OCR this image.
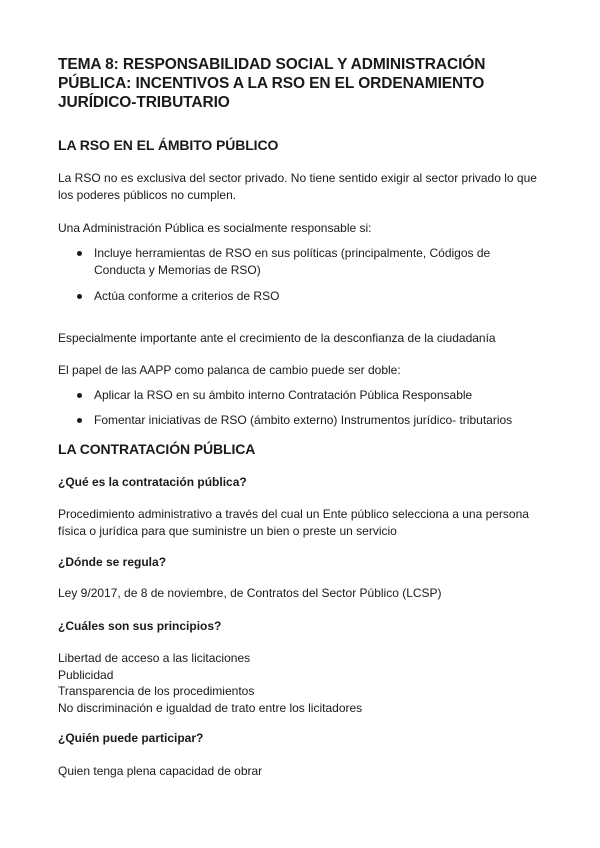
TEMA 8: RESPONSABILIDAD SOCIAL Y ADMINISTRACIÓN
PÚBLICA: INCENTIVOS A LA RSO EN EL ORDENAMIENTO
JURÍDICO-TRIBUTARIO
LA RSO EN EL ÁMBITO PÚBLICO

La RSO no es exclusiva del sector privado. No tiene sentido exigir al sector privado lo que
los poderes públicos no cumplen.

Una Administración Pública es socialmente responsable si:

Incluye herramientas de RSO en sus políticas (principalmente, Códigos de
Conducta y Memorias de RSO)

Actúa conforme a criterios de RSO

Especialmente importante ante el crecimiento de la desconfianza de la ciudadanía

El papel de las AAPP como palanca de cambio puede ser doble:

Aplicar la RSO en su ámbito interno Contratación Pública Responsable

Fomentar iniciativas de RSO (ámbito externo) Instrumentos jurídico- tributarios

LA CONTRATACIÓN PÚBLICA
¿Qué es la contratación pública?

Procedimiento administrativo a través del cual un Ente público selecciona a una persona
física o jurídica para que suministre un bien o preste un servicio

¿Dónde se regula?

Ley 9/2017, de 8 de noviembre, de Contratos del Sector Público (LCSP)

¿Cuáles son sus principios?

Libertad de acceso a las licitaciones
Publicidad
Transparencia de los procedimientos
No discriminación e igualdad de trato entre los licitadores

¿Quién puede participar?

Quien tenga plena capacidad de obrar
